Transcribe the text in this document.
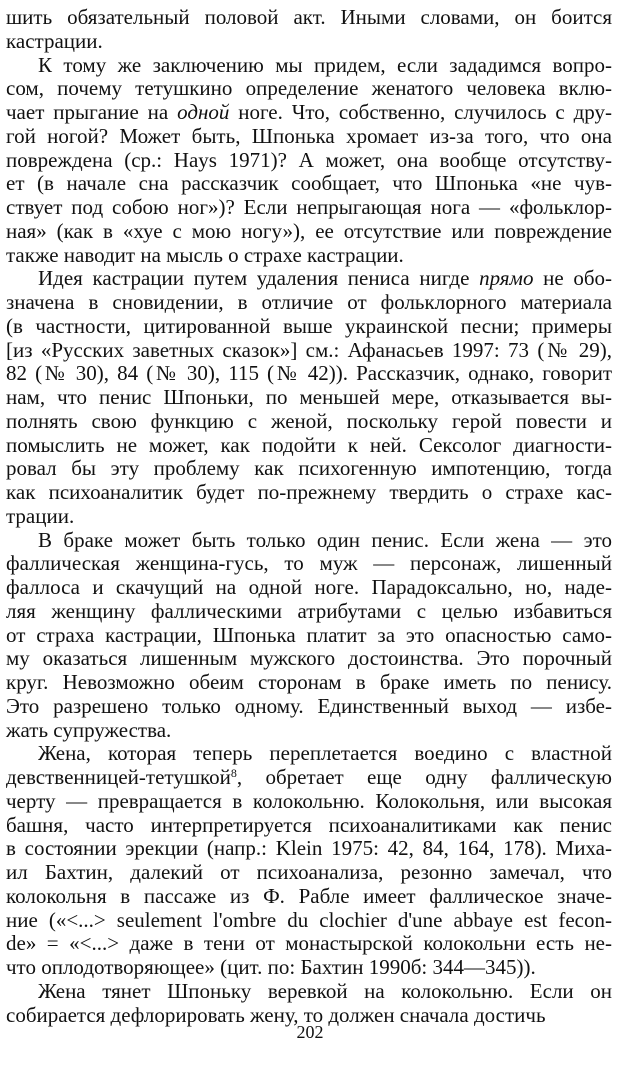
шить обязательный половой акт. Иными словами, он боится
кастрации.
К тому же заключению мы придем, если зададимся вопро-
сом, почему тетушкино определение женатого человека вклю-
чает прыгание на одной ноге. Что, собственно, случилось с дру-
гой ногой? Может быть, Шпонька хромает из-за того, что она
повреждена (ср.: Hays 1971)? А может, она вообще отсутству-
ет (в начале сна рассказчик сообщает, что Шпонька «не чув-
ствует под собою ног»)? Если непрыгающая нога — «фольклор-
ная» (как в «хуе с мою ногу»), ее отсутствие или повреждение
также наводит на мысль о страхе кастрации.
Идея кастрации путем удаления пениса нигде прямо не обо-
значена в сновидении, в отличие от фольклорного материала
(в частности, цитированной выше украинской песни; примеры
[из «Русских заветных сказок»] см.: Афанасьев 1997: 73 (№ 29),
82 (№ 30), 84 (№ 30), 115 (№ 42)). Рассказчик, однако, говорит
нам, что пенис Шпоньки, по меньшей мере, отказывается вы-
полнять свою функцию с женой, поскольку герой повести и
помыслить не может, как подойти к ней. Сексолог диагности-
ровал бы эту проблему как психогенную импотенцию, тогда
как психоаналитик будет по-прежнему твердить о страхе кас-
трации.
В браке может быть только один пенис. Если жена — это
фаллическая женщина-гусь, то муж — персонаж, лишенный
фаллоса и скачущий на одной ноге. Парадоксально, но, наде-
ляя женщину фаллическими атрибутами с целью избавиться
от страха кастрации, Шпонька платит за это опасностью само-
му оказаться лишенным мужского достоинства. Это порочный
круг. Невозможно обеим сторонам в браке иметь по пенису.
Это разрешено только одному. Единственный выход — избе-
жать супружества.
Жена, которая теперь переплетается воедино с властной
девственницей-тетушкой$^8$, обретает еще одну фаллическую
черту — превращается в колокольню. Колокольня, или высокая
башня, часто интерпретируется психоаналитиками как пенис
в состоянии эрекции (напр.: Klein 1975: 42, 84, 164, 178). Миха-
ил Бахтин, далекий от психоанализа, резонно замечал, что
колокольня в пассаже из Ф. Рабле имеет фаллическое значе-
ние («<...> seulement l'ombre du clochier d'une abbaye est fecon-
de» = «<...> даже в тени от монастырской колокольни есть не-
что оплодотворяющее» (цит. по: Бахтин 1990б: 344—345)).
Жена тянет Шпоньку веревкой на колокольню. Если он
собирается дефлорировать жену, то должен сначала достичь
202
